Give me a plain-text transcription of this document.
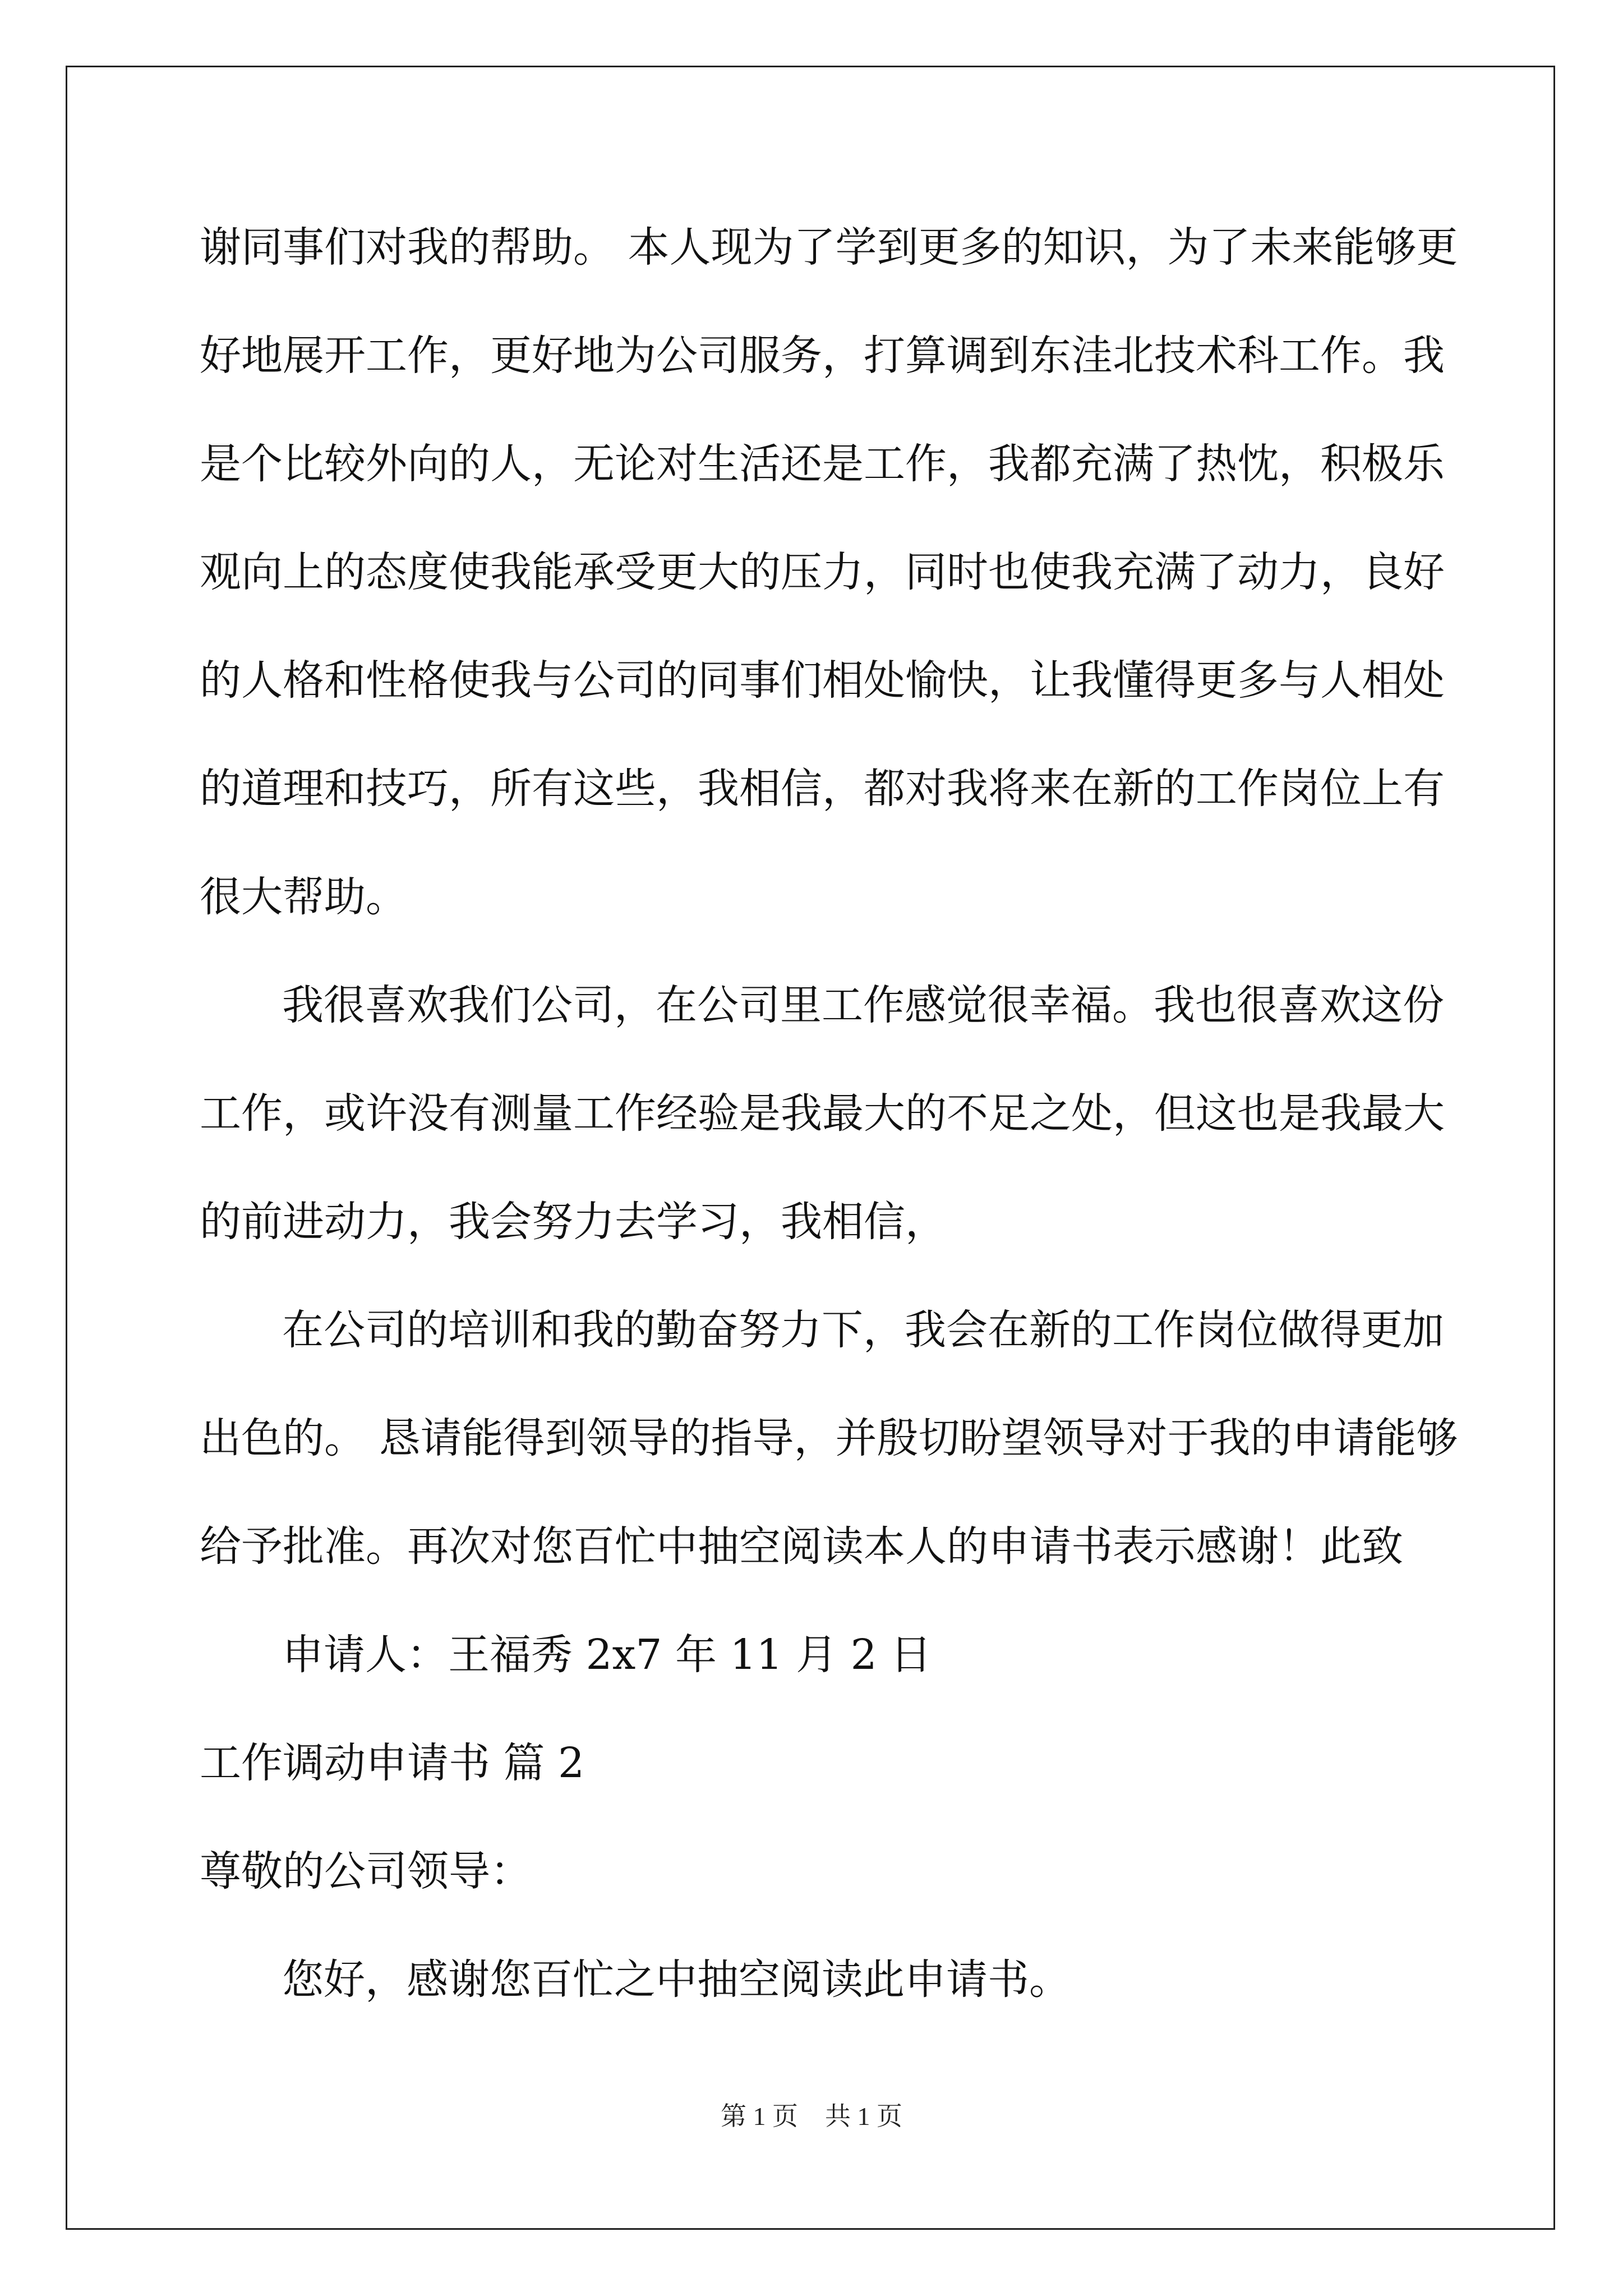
谢同事们对我的帮助。 本人现为了学到更多的知识，为了未来能够更
好地展开工作，更好地为公司服务，打算调到东洼北技术科工作。我
是个比较外向的人，无论对生活还是工作，我都充满了热忱，积极乐
观向上的态度使我能承受更大的压力，同时也使我充满了动力，良好
的人格和性格使我与公司的同事们相处愉快，让我懂得更多与人相处
的道理和技巧，所有这些，我相信，都对我将来在新的工作岗位上有
很大帮助。
我很喜欢我们公司，在公司里工作感觉很幸福。我也很喜欢这份
工作，或许没有测量工作经验是我最大的不足之处，但这也是我最大
的前进动力，我会努力去学习，我相信，
在公司的培训和我的勤奋努力下，我会在新的工作岗位做得更加
出色的。 恳请能得到领导的指导，并殷切盼望领导对于我的申请能够
给予批准。再次对您百忙中抽空阅读本人的申请书表示感谢！此致
申请人：王福秀 2x7 年 11 月 2 日
工作调动申请书 篇 2
尊敬的公司领导：
您好，感谢您百忙之中抽空阅读此申请书。
第 1 页 共 1 页
